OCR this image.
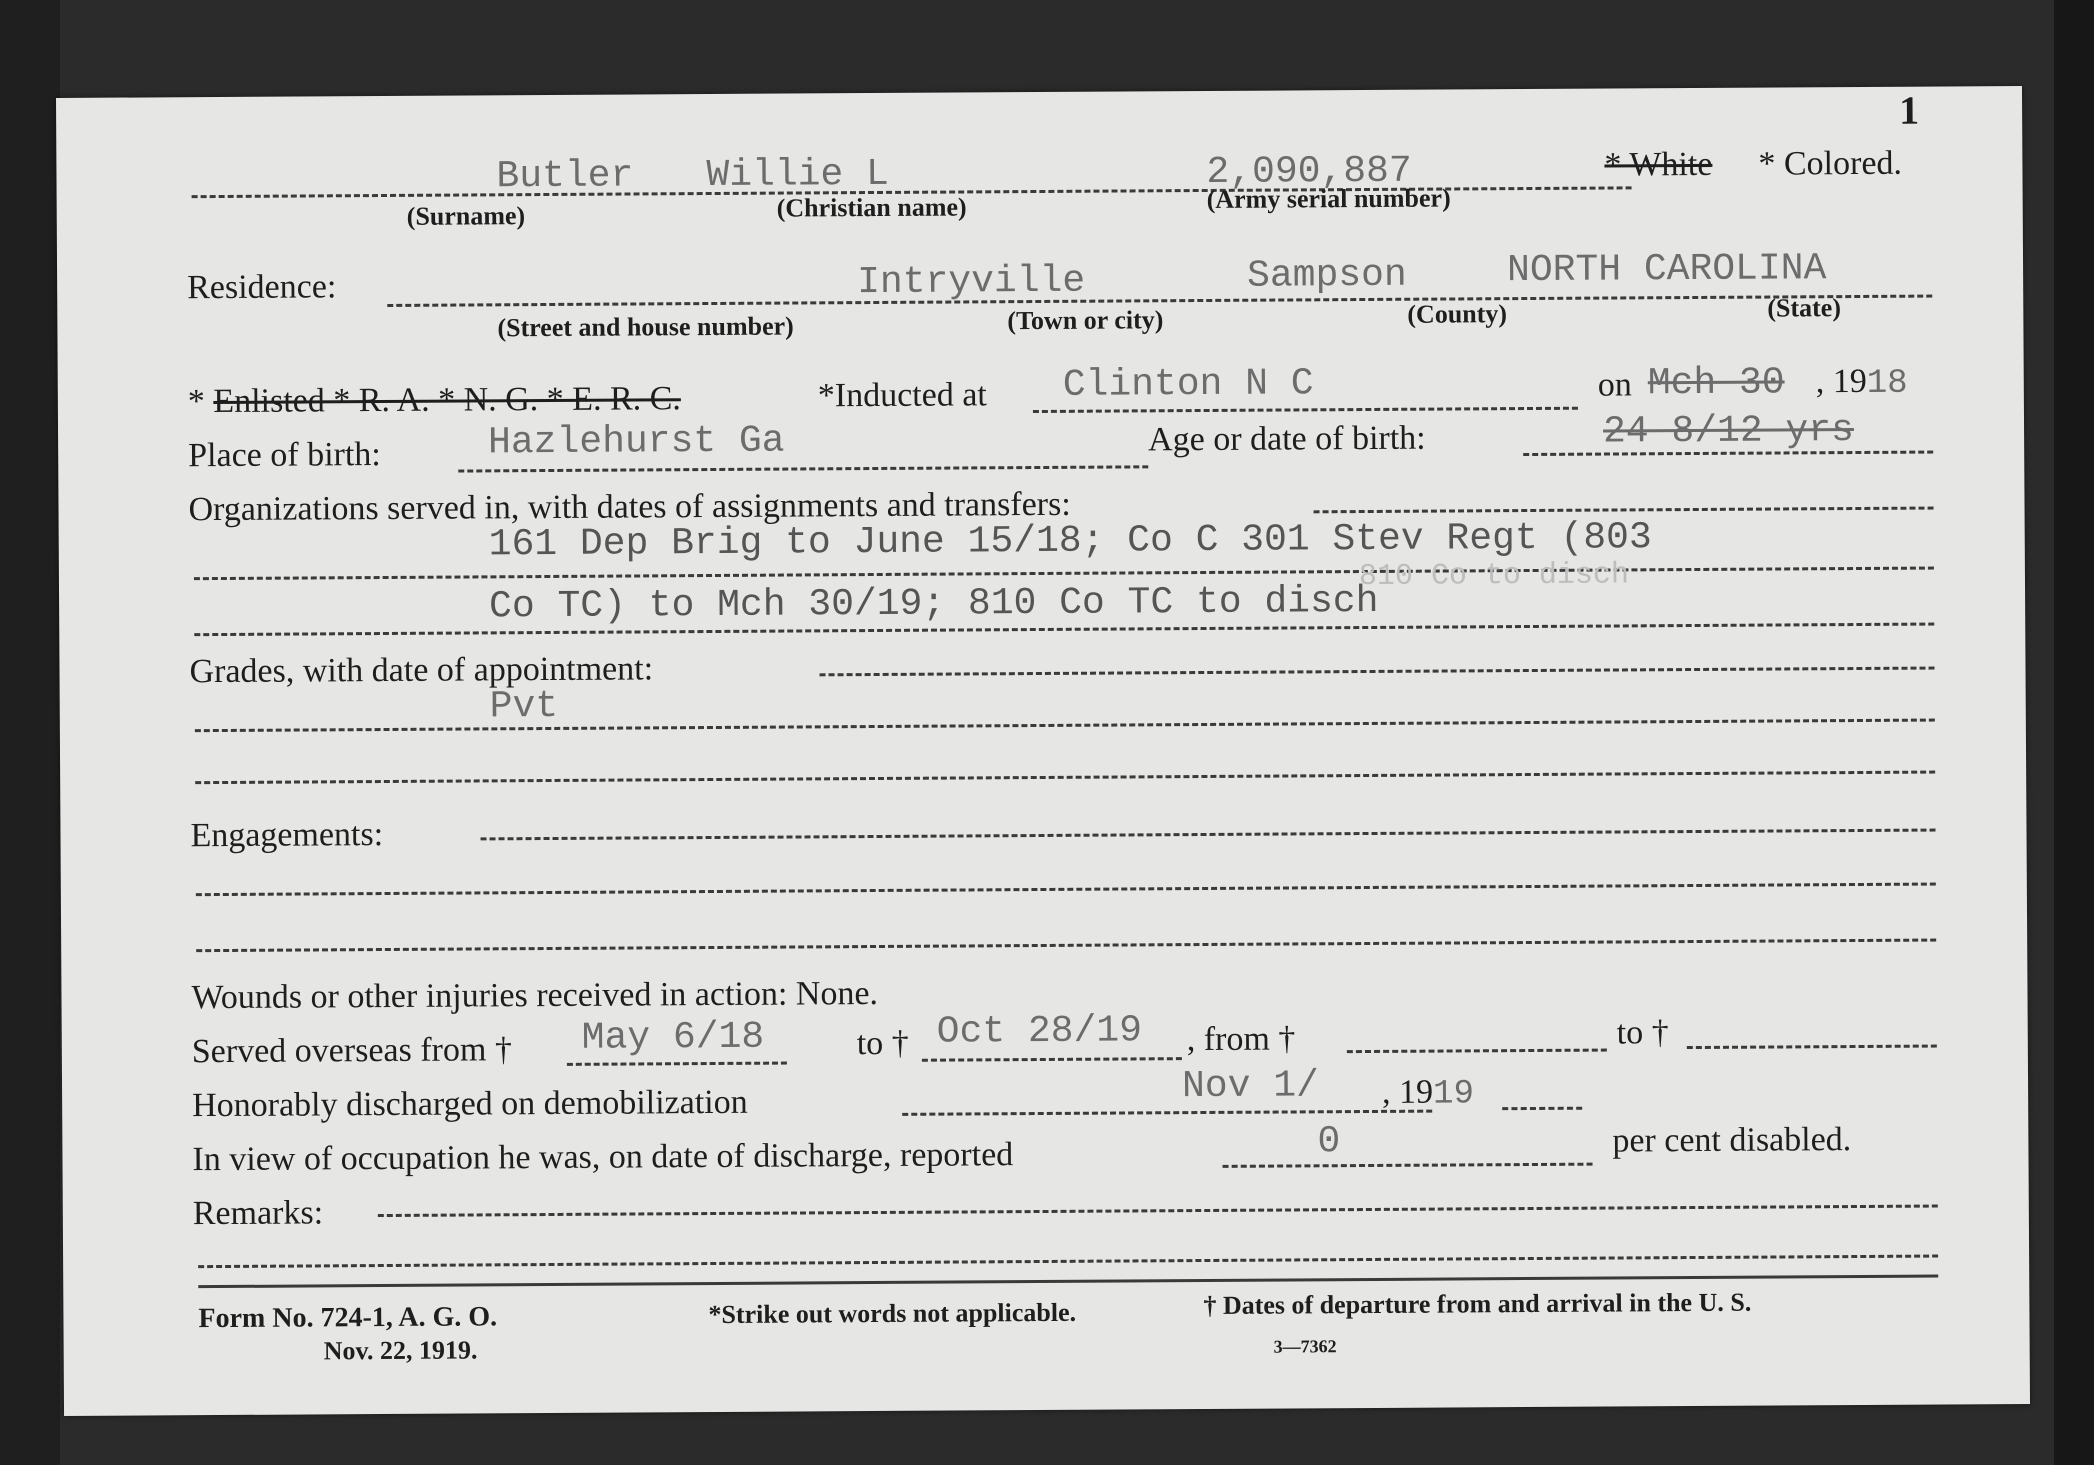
1
Butler Willie L	2,090,887
(Surname)	(Christian name)	(Army serial number)
* White * Colored.
Residence:	Intryville	Sampson	NORTH CAROLINA
(Street and house number)	(Town or city)	(County)	(State)
* Enlisted * R. A. * N. G. * E. R. C.	*Inducted at Clinton N C	on Mch 30 , 1918
Place of birth:	Hazlehurst Ga	Age or date of birth:	24 8/12 yrs
Organizations served in, with dates of assignments and transfers:
161 Dep Brig to June 15/18; Co C 301 Stev Regt (803
810 Co to disch
Co TC) to Mch 30/19; 810 Co TC to disch
Grades, with date of appointment:
Pvt
Engagements:
Wounds or other injuries received in action: None.
Served overseas from † May 6/18	to † Oct 28/19 , from †	to †
Honorably discharged on demobilization	Nov 1/ , 1919
In view of occupation he was, on date of discharge, reported	0	per cent disabled.
Remarks:
Form No. 724-1, A. G. O.
Nov. 22, 1919.
*Strike out words not applicable.	† Dates of departure from and arrival in the U. S.
3—7362
